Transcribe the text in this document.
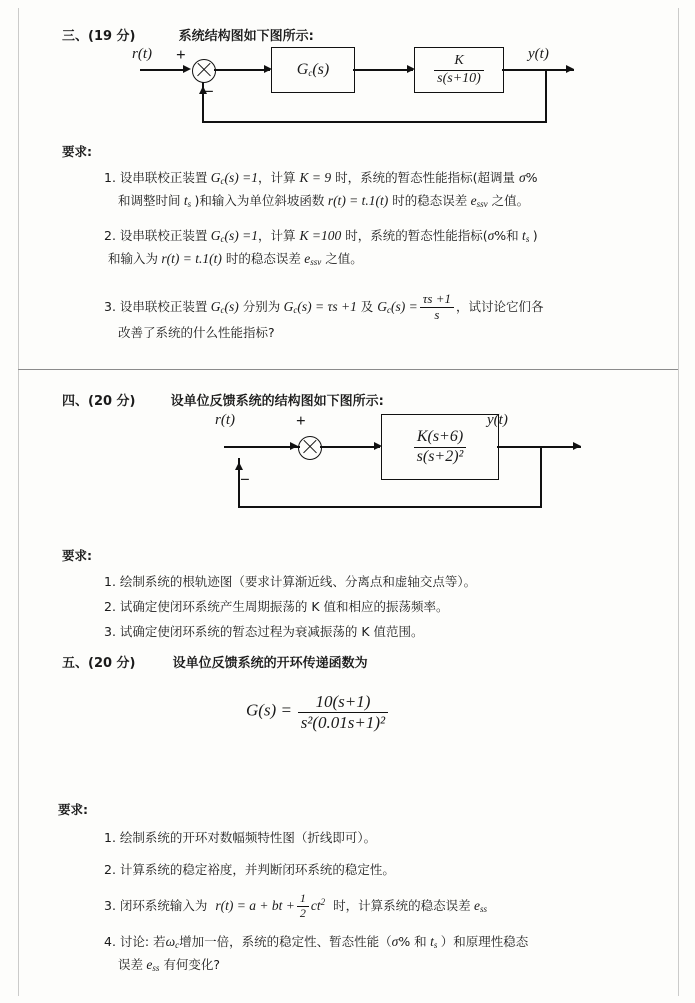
三、(19 分)	系统结构图如下图所示:
r(t)	y(t)
+
−
$G_c(s)$	$\frac{K}{s(s+10)}$
要求:
1. 设串联校正装置 $G_c(s) =1$，计算 K = 9 时，系统的暂态性能指标(超调量 σ%
和调整时间 $t_s$ )和输入为单位斜坡函数 r(t) = t.1(t) 时的稳态误差 $e_{ssv}$ 之值。
2. 设串联校正装置 $G_c(s) =1$，计算 K =100 时，系统的暂态性能指标(σ%和 $t_s$ )
和输入为 r(t) = t.1(t) 时的稳态误差 $e_{ssv}$ 之值。
3. 设串联校正装置 $G_c(s)$ 分别为 $G_c(s) = \tau s +1$ 及 $G_c(s) = \frac{\tau s +1}{s}$ ，试讨论它们各
改善了系统的什么性能指标?
四、(20 分)	设单位反馈系统的结构图如下图所示:
r(t)	y(t)
+
−
$\frac{K(s+6)}{\text{s(s+2)²}}$
要求:
1. 绘制系统的根轨迹图（要求计算渐近线、分离点和虚轴交点等）。
2. 试确定使闭环系统产生周期振荡的 K 值和相应的振荡频率。
3. 试确定使闭环系统的暂态过程为衰减振荡的 K 值范围。
五、(20 分)	设单位反馈系统的开环传递函数为
$G(s) = \frac{10(s+1)}{\text{s²(0.01s+1)²}}$
要求:
1. 绘制系统的开环对数幅频特性图（折线即可）。
2. 计算系统的稳定裕度，并判断闭环系统的稳定性。
3. 闭环系统输入为 r(t) = a + bt + $\frac{1}{2} ct^2$ 时，计算系统的稳态误差 $e_{ss}$
4. 讨论: 若$\omega_c$增加一倍，系统的稳定性、暂态性能（σ% 和 $t_s$ ）和原理性稳态
误差 $e_{ss}$ 有何变化?
